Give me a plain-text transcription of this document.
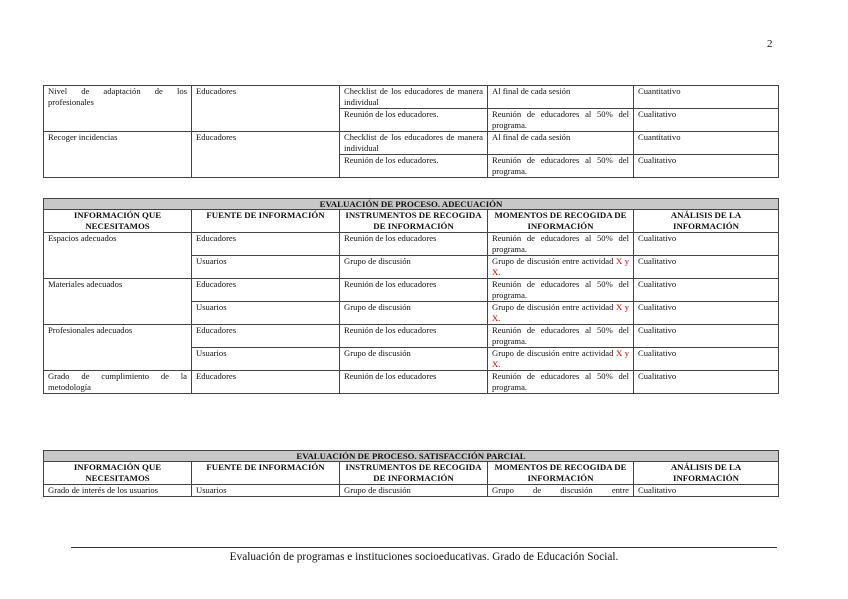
2
Nivel de adaptación de los profesionales	Educadores	Checklist de los educadores de manera individual	Al final de cada sesión	Cuantitativo
		Reunión de los educadores.	Reunión de educadores al 50% del programa.	Cualitativo
Recoger incidencias	Educadores	Checklist de los educadores de manera individual	Al final de cada sesión	Cuantitativo
		Reunión de los educadores.	Reunión de educadores al 50% del programa.	Cualitativo
EVALUACIÓN DE PROCESO. ADECUACIÓN				
INFORMACIÓN QUE NECESITAMOS	FUENTE DE INFORMACIÓN	INSTRUMENTOS DE RECOGIDA DE INFORMACIÓN	MOMENTOS DE RECOGIDA DE INFORMACIÓN	ANÁLISIS DE LA INFORMACIÓN
Espacios adecuados	Educadores	Reunión de los educadores	Reunión de educadores al 50% del programa.	Cualitativo
	Usuarios	Grupo de discusión	Grupo de discusión entre actividad X y X.	Cualitativo
Materiales adecuados	Educadores	Reunión de los educadores	Reunión de educadores al 50% del programa.	Cualitativo
	Usuarios	Grupo de discusión	Grupo de discusión entre actividad X y X.	Cualitativo
Profesionales adecuados	Educadores	Reunión de los educadores	Reunión de educadores al 50% del programa.	Cualitativo
	Usuarios	Grupo de discusión	Grupo de discusión entre actividad X y X.	Cualitativo
Grado de cumplimiento de la metodología	Educadores	Reunión de los educadores	Reunión de educadores al 50% del programa.	Cualitativo
EVALUACIÓN DE PROCESO. SATISFACCIÓN PARCIAL				
INFORMACIÓN QUE NECESITAMOS	FUENTE DE INFORMACIÓN	INSTRUMENTOS DE RECOGIDA DE INFORMACIÓN	MOMENTOS DE RECOGIDA DE INFORMACIÓN	ANÁLISIS DE LA INFORMACIÓN
Grado de interés de los usuarios	Usuarios	Grupo de discusión	Grupo de discusión entre	Cualitativo
Evaluación de programas e instituciones socioeducativas. Grado de Educación Social.
